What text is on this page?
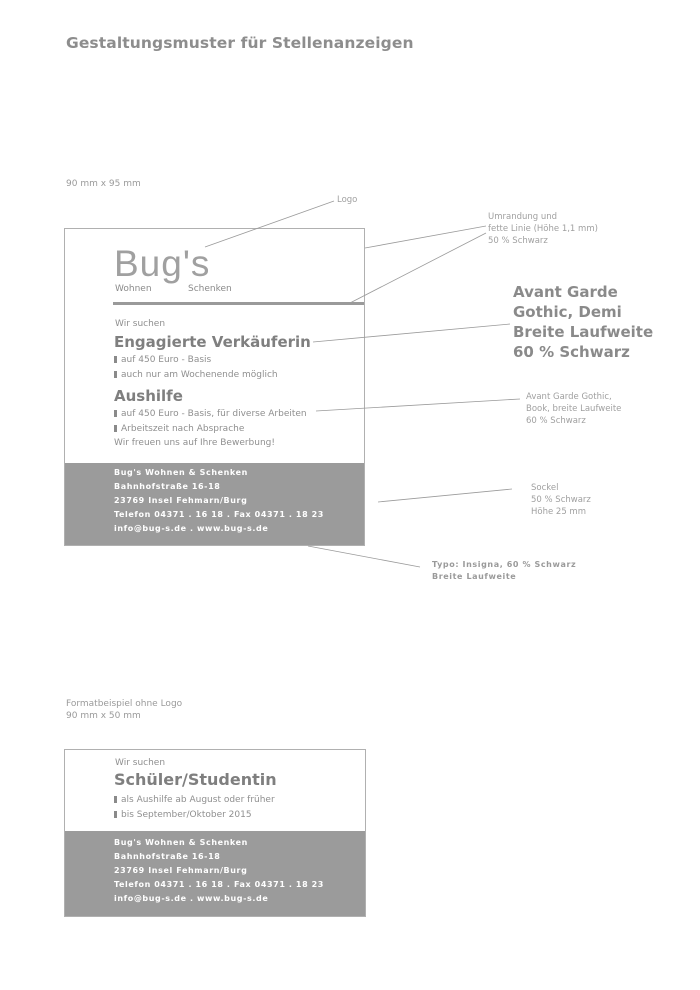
Gestaltungsmuster für Stellenanzeigen
90 mm x 95 mm
Bug's
Wohnen	Schenken
Wir suchen
Engagierte Verkäuferin
auf 450 Euro - Basis
auch nur am Wochenende möglich
Aushilfe
auf 450 Euro - Basis, für diverse Arbeiten
Arbeitszeit nach Absprache
Wir freuen uns auf Ihre Bewerbung!
Bug's Wohnen & Schenken
Bahnhofstraße 16-18
23769 Insel Fehmarn/Burg
Telefon 04371 . 16 18 . Fax 04371 . 18 23
info@bug-s.de . www.bug-s.de
Logo
Umrandung und
fette Linie (Höhe 1,1 mm)
50 % Schwarz
Avant Garde
Gothic, Demi
Breite Laufweite
60 % Schwarz
Avant Garde Gothic,
Book, breite Laufweite
60 % Schwarz
Sockel
50 % Schwarz
Höhe 25 mm
Typo: Insigna, 60 % Schwarz
Breite Laufweite
Formatbeispiel ohne Logo
90 mm x 50 mm
Wir suchen
Schüler/Studentin
als Aushilfe ab August oder früher
bis September/Oktober 2015
Bug's Wohnen & Schenken
Bahnhofstraße 16-18
23769 Insel Fehmarn/Burg
Telefon 04371 . 16 18 . Fax 04371 . 18 23
info@bug-s.de . www.bug-s.de
